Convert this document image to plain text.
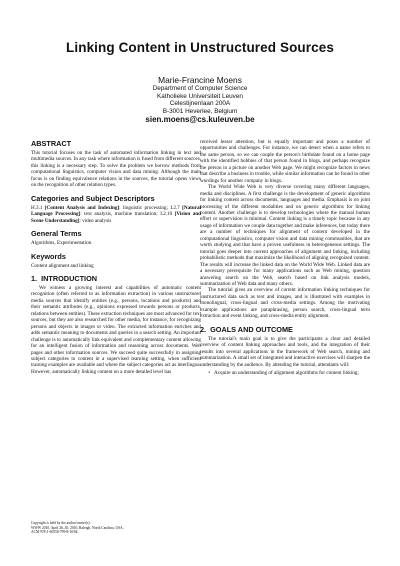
Linking Content in Unstructured Sources
Marie-Francine Moens
Department of Computer Science
Katholieke Universiteit Leuven
Celestijnenlaan 200A
B-3001 Heverlee, Belgium
sien.moens@cs.kuleuven.be
ABSTRACT

This tutorial focuses on the task of automated information linking in text and multimedia sources. In any task where information is fused from different sources, this linking is a necessary step. To solve the problem we borrow methods from computational linguistics, computer vision and data mining. Although the main focus is on finding equivalence relations in the sources, the tutorial opens views on the recognition of other relation types.

Categories and Subject Descriptors

H.3.1 [Content Analysis and Indexing]: linguistic processing; I.2.7 [Natural Language Processing]: text analysis, machine translation; I.2.10 [Vision and Scene Understanding]: video analysis

General Terms

Algorithms, Experimentation

Keywords

Content alignment and linking

1. INTRODUCTION

We witness a growing interest and capabilities of automatic content recognition (often referred to as information extraction) in various unstructured media sources that identify entities (e.g., persons, locations and products) and their semantic attributes (e.g., opinions expressed towards persons or products, relations between entities). These extraction techniques are most advanced for text sources, but they are also researched for other media, for instance, for recognizing persons and objects in images or video. The extracted information enriches and adds semantic meaning to documents and queries in a search setting. An important challenge is to automatically link equivalent and complementary content allowing for an intelligent fusion of information and reasoning across documents. Web pages and other information sources. We succeed quite successfully in assigning subject categories to content in a supervised learning setting, when sufficient training examples are available and where the subject categories act as interlingua. However, automatically linking content on a more detailed level has

Copyright is held by the author/owner(s).
WWW 2010, April 26–30, 2010, Raleigh, North Carolina, USA.
ACM 978-1-60558-799-8/10/04.

received lesser attention, but is equally important and poses a number of opportunities and challenges. For instance, we can detect when a name refers to the same person, so we can couple the person's birthdate found on a home page with the identified hobbies of that person found in blogs, and perhaps recognize the person in a picture on another Web page. We might recognize factors in news that describe a business in trouble, while similar information can be found in other wordings for another company in blogs.

The World Wide Web is very diverse covering many different languages, media and disciplines. A first challenge is the development of generic algorithms for linking content across documents, languages and media. Emphasis is on joint processing of the different modalities and on generic algorithms for linking content. Another challenge is to develop technologies where the manual human effort or supervision is minimal. Content linking is a timely topic because in any usage of information we couple data together and make inferences, but today there are a number of techniques for alignment of content developed in the computational linguistics, computer vision and data mining communities, that are worth studying and that have a proven usefulness in heterogeneous settings. The tutorial goes deeper into current approaches of alignment and linking, including probabilistic methods that maximize the likelihood of aligning recognized content. The results will increase the linked data on the World Wide Web. Linked data are a necessary prerequisite for many applications such as Web mining, question answering search on the Web, search based on link analysis models, summarization of Web data and many others.

The tutorial gives an overview of current information linking techniques for unstructured data such as text and images, and is illustrated with examples in monolingual, cross-lingual and cross-media settings. Among the motivating example applications are paraphrasing, person search, cross-lingual term extraction and event linking, and cross-media entity alignment.

2. GOALS AND OUTCOME

The tutorial's main goal is to give the participants a clear and detailed overview of content linking approaches and tools, and the integration of their results into several applications in the framework of Web search, mining and summarization. A small set of integrated and interactive exercises will sharpen the understanding by the audience. By attending the tutorial, attendants will:

• Acquire an understanding of alignment algorithms for content linking;
